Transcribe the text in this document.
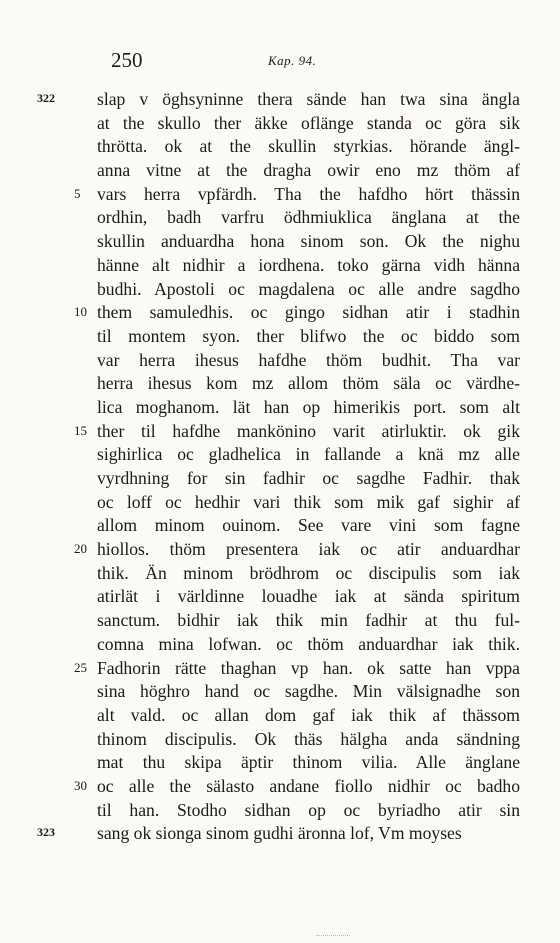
250	Kap. 94.
322 slap v öghsyninne thera sände han twa sina ängla
at the skullo ther äkke oflänge standa oc göra sik
thrötta. ok at the skullin styrkias. hörande ängl-
anna vitne at the dragha owir eno mz thöm af
5 vars herra vpfärdh. Tha the hafdho hört thässin
ordhin, badh varfru ödhmiuklica änglana at the
skullin anduardha hona sinom son. Ok the nighu
hänne alt nidhir a iordhena. toko gärna vidh hänna
budhi. Apostoli oc magdalena oc alle andre sagdho
10 them samuledhis. oc gingo sidhan atir i stadhin
til montem syon. ther blifwo the oc biddo som
var herra ihesus hafdhe thöm budhit. Tha var
herra ihesus kom mz allom thöm säla oc värdhe-
lica moghanom. lät han op himerikis port. som alt
15 ther til hafdhe mankönino varit atirluktir. ok gik
sighirlica oc gladhelica in fallande a knä mz alle
vyrdhning for sin fadhir oc sagdhe Fadhir. thak
oc loff oc hedhir vari thik som mik gaf sighir af
allom minom ouinom. See vare vini som fagne
20 hiollos. thöm presentera iak oc atir anduardhar
thik. Än minom brödhrom oc discipulis som iak
atirlät i världinne louadhe iak at sända spiritum
sanctum. bidhir iak thik min fadhir at thu ful-
comna mina lofwan. oc thöm anduardhar iak thik.
25 Fadhorin rätte thaghan vp han. ok satte han vppa
sina höghro hand oc sagdhe. Min välsignadhe son
alt vald. oc allan dom gaf iak thik af thässom
thinom discipulis. Ok thäs hälgha anda sändning
mat thu skipa äptir thinom vilia. Alle änglane
30 oc alle the sälasto andane fiollo nidhir oc badho
til han. Stodho sidhan op oc byriadho atir sin
323 sang ok sionga sinom gudhi äronna lof, Vm moyses
